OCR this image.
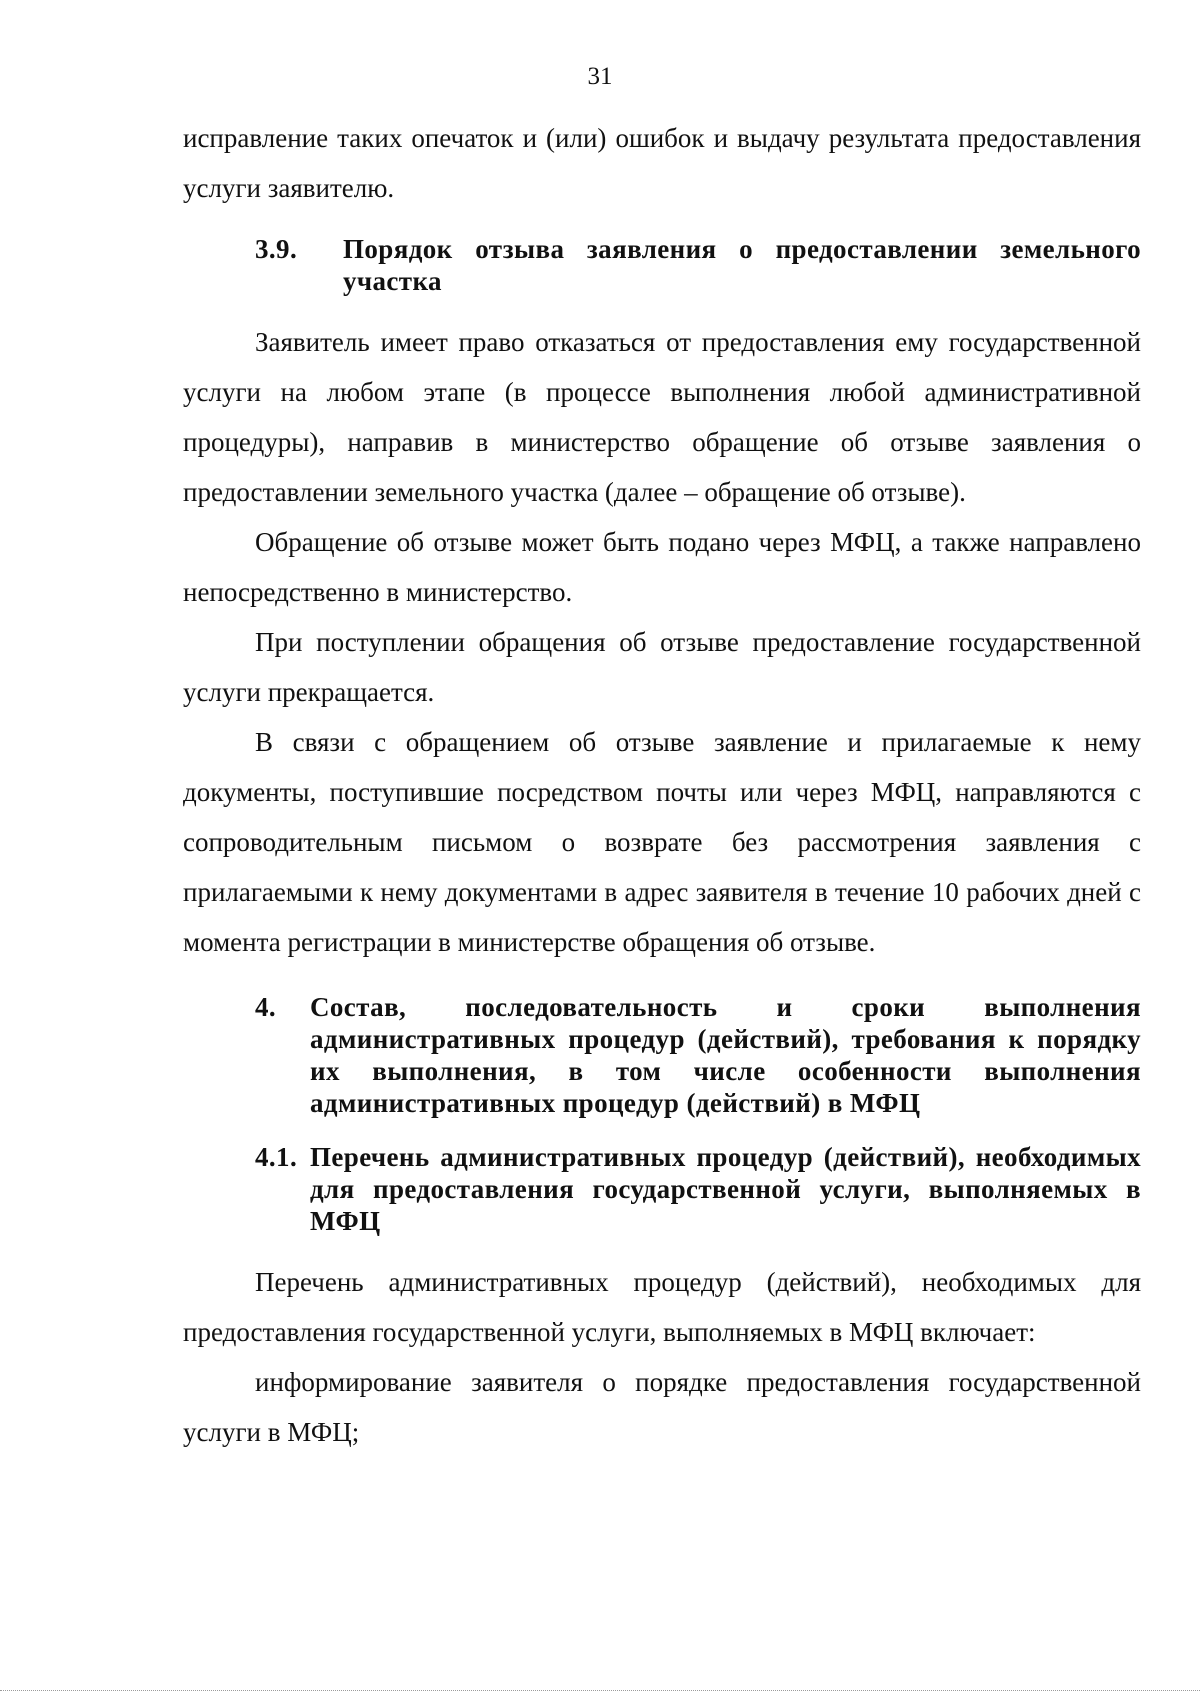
31

исправление таких опечаток и (или) ошибок и выдачу результата предоставления услуги заявителю.

3.9.	Порядок отзыва заявления о предоставлении земельного участка

Заявитель имеет право отказаться от предоставления ему государственной услуги на любом этапе (в процессе выполнения любой административной процедуры), направив в министерство обращение об отзыве заявления о предоставлении земельного участка (далее – обращение об отзыве).

Обращение об отзыве может быть подано через МФЦ, а также направлено непосредственно в министерство.

При поступлении обращения об отзыве предоставление государственной услуги прекращается.

В связи с обращением об отзыве заявление и прилагаемые к нему документы, поступившие посредством почты или через МФЦ, направляются с сопроводительным письмом о возврате без рассмотрения заявления с прилагаемыми к нему документами в адрес заявителя в течение 10 рабочих дней с момента регистрации в министерстве обращения об отзыве.

4.	Состав, последовательность и сроки выполнения административных процедур (действий), требования к порядку их выполнения, в том числе особенности выполнения административных процедур (действий) в МФЦ
4.1. Перечень административных процедур (действий), необходимых для предоставления государственной услуги, выполняемых в МФЦ

Перечень административных процедур (действий), необходимых для предоставления государственной услуги, выполняемых в МФЦ включает:

информирование заявителя о порядке предоставления государственной услуги в МФЦ;
